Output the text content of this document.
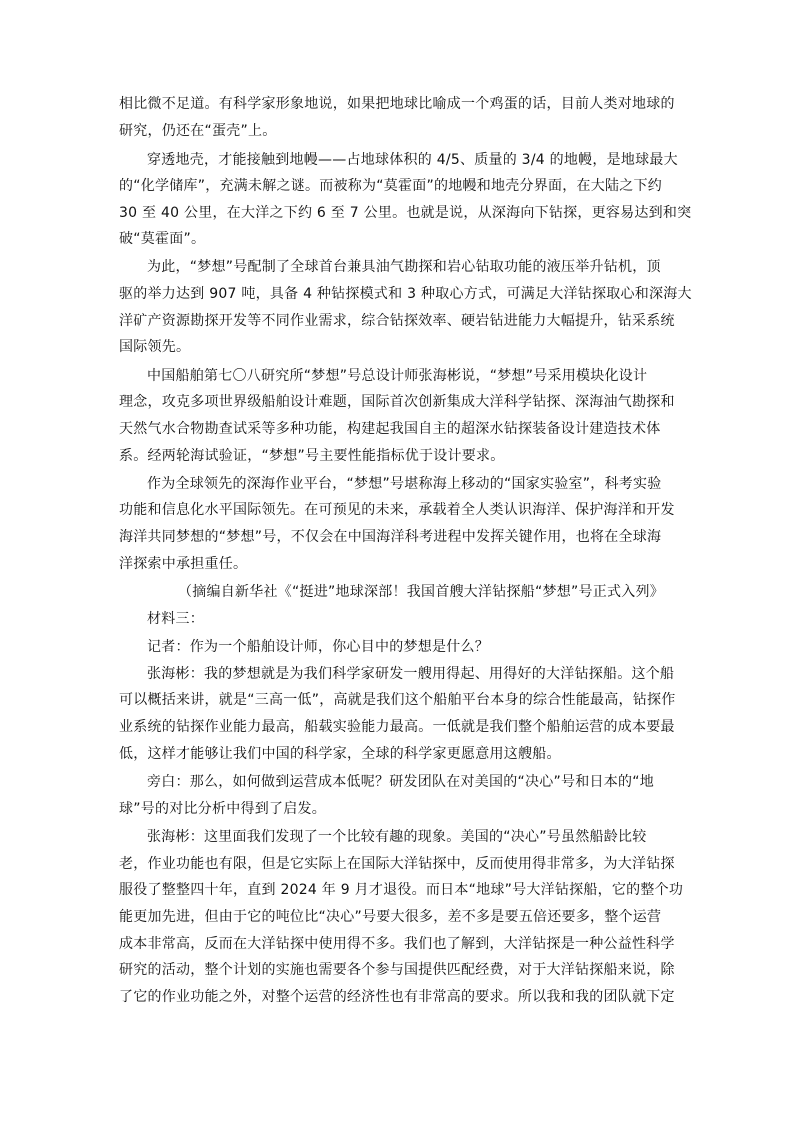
相比微不足道。有科学家形象地说，如果把地球比喻成一个鸡蛋的话，目前人类对地球的
研究，仍还在“蛋壳”上。
穿透地壳，才能接触到地幔——占地球体积的 4/5、质量的 3/4 的地幔，是地球最大
的“化学储库”，充满未解之谜。而被称为“莫霍面”的地幔和地壳分界面，在大陆之下约
30 至 40 公里，在大洋之下约 6 至 7 公里。也就是说，从深海向下钻探，更容易达到和突
破“莫霍面”。
为此，“梦想”号配制了全球首台兼具油气勘探和岩心钻取功能的液压举升钻机，顶
驱的举力达到 907 吨，具备 4 种钻探模式和 3 种取心方式，可满足大洋钻探取心和深海大
洋矿产资源勘探开发等不同作业需求，综合钻探效率、硬岩钻进能力大幅提升，钻采系统
国际领先。
中国船舶第七〇八研究所“梦想”号总设计师张海彬说，“梦想”号采用模块化设计
理念，攻克多项世界级船舶设计难题，国际首次创新集成大洋科学钻探、深海油气勘探和
天然气水合物勘查试采等多种功能，构建起我国自主的超深水钻探装备设计建造技术体
系。经两轮海试验证，“梦想”号主要性能指标优于设计要求。
作为全球领先的深海作业平台，“梦想”号堪称海上移动的“国家实验室”，科考实验
功能和信息化水平国际领先。在可预见的未来，承载着全人类认识海洋、保护海洋和开发
海洋共同梦想的“梦想”号，不仅会在中国海洋科考进程中发挥关键作用，也将在全球海
洋探索中承担重任。
（摘编自新华社《“挺进”地球深部！我国首艘大洋钻探船“梦想”号正式入列》
材料三：
记者：作为一个船舶设计师，你心目中的梦想是什么？
张海彬：我的梦想就是为我们科学家研发一艘用得起、用得好的大洋钻探船。这个船
可以概括来讲，就是“三高一低”，高就是我们这个船舶平台本身的综合性能最高，钻探作
业系统的钻探作业能力最高，船载实验能力最高。一低就是我们整个船舶运营的成本要最
低，这样才能够让我们中国的科学家，全球的科学家更愿意用这艘船。
旁白：那么，如何做到运营成本低呢？研发团队在对美国的“决心”号和日本的“地
球”号的对比分析中得到了启发。
张海彬：这里面我们发现了一个比较有趣的现象。美国的“决心”号虽然船龄比较
老，作业功能也有限，但是它实际上在国际大洋钻探中，反而使用得非常多，为大洋钻探
服役了整整四十年，直到 2024 年 9 月才退役。而日本“地球”号大洋钻探船，它的整个功
能更加先进，但由于它的吨位比“决心”号要大很多，差不多是要五倍还要多，整个运营
成本非常高，反而在大洋钻探中使用得不多。我们也了解到，大洋钻探是一种公益性科学
研究的活动，整个计划的实施也需要各个参与国提供匹配经费，对于大洋钻探船来说，除
了它的作业功能之外，对整个运营的经济性也有非常高的要求。所以我和我的团队就下定
